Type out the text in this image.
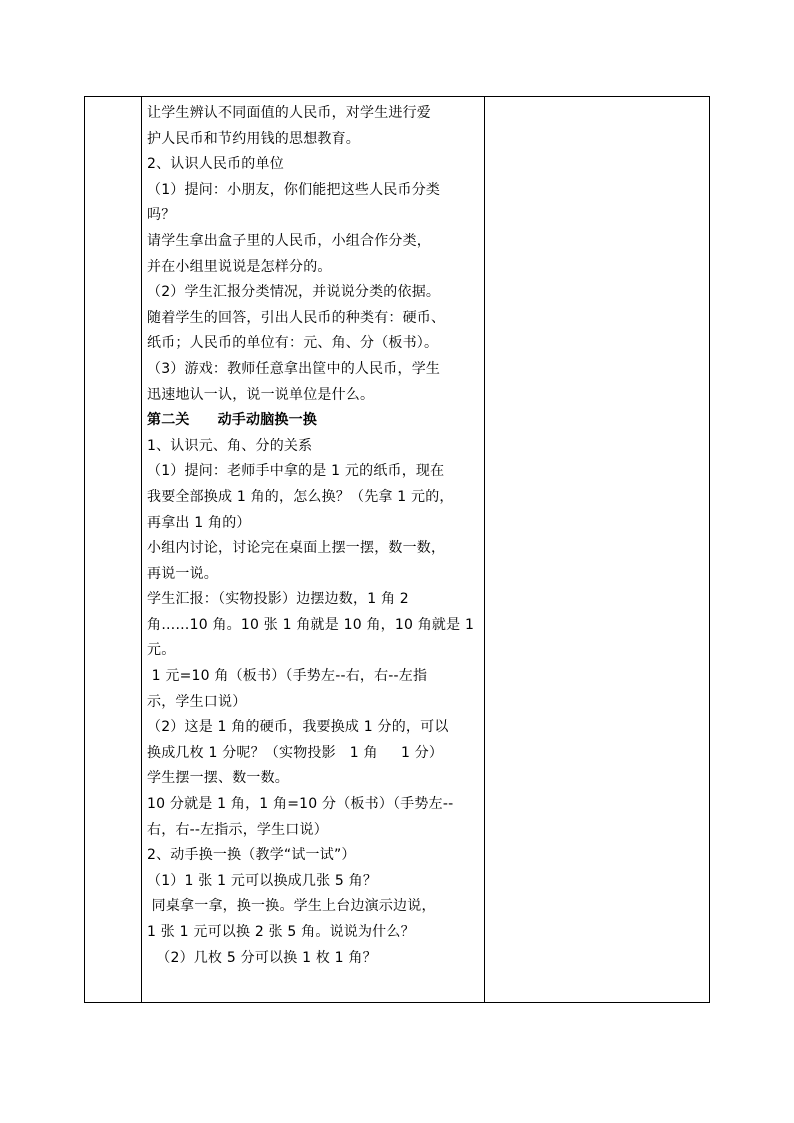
让学生辨认不同面值的人民币，对学生进行爱
护人民币和节约用钱的思想教育。
2、认识人民币的单位
（1）提问：小朋友，你们能把这些人民币分类
吗？
请学生拿出盒子里的人民币，小组合作分类，
并在小组里说说是怎样分的。
（2）学生汇报分类情况，并说说分类的依据。
随着学生的回答，引出人民币的种类有：硬币、
纸币；人民币的单位有：元、角、分（板书）。
（3）游戏：教师任意拿出筐中的人民币，学生
迅速地认一认，说一说单位是什么。
第二关 动手动脑换一换
1、认识元、角、分的关系
（1）提问：老师手中拿的是 1 元的纸币，现在
我要全部换成 1 角的，怎么换？（先拿 1 元的，
再拿出 1 角的）
小组内讨论，讨论完在桌面上摆一摆，数一数，
再说一说。
学生汇报：（实物投影）边摆边数，1 角 2
角……10 角。10 张 1 角就是 10 角，10 角就是 1
元。
1 元=10 角（板书）（手势左--右，右--左指
示，学生口说）
（2）这是 1 角的硬币，我要换成 1 分的，可以
换成几枚 1 分呢？（实物投影   1 角     1 分）
学生摆一摆、数一数。
10 分就是 1 角，1 角=10 分（板书）（手势左--
右，右--左指示，学生口说）
2、动手换一换（教学“试一试”）
（1）1 张 1 元可以换成几张 5 角？
同桌拿一拿，换一换。学生上台边演示边说，
1 张 1 元可以换 2 张 5 角。说说为什么？
（2）几枚 5 分可以换 1 枚 1 角？
